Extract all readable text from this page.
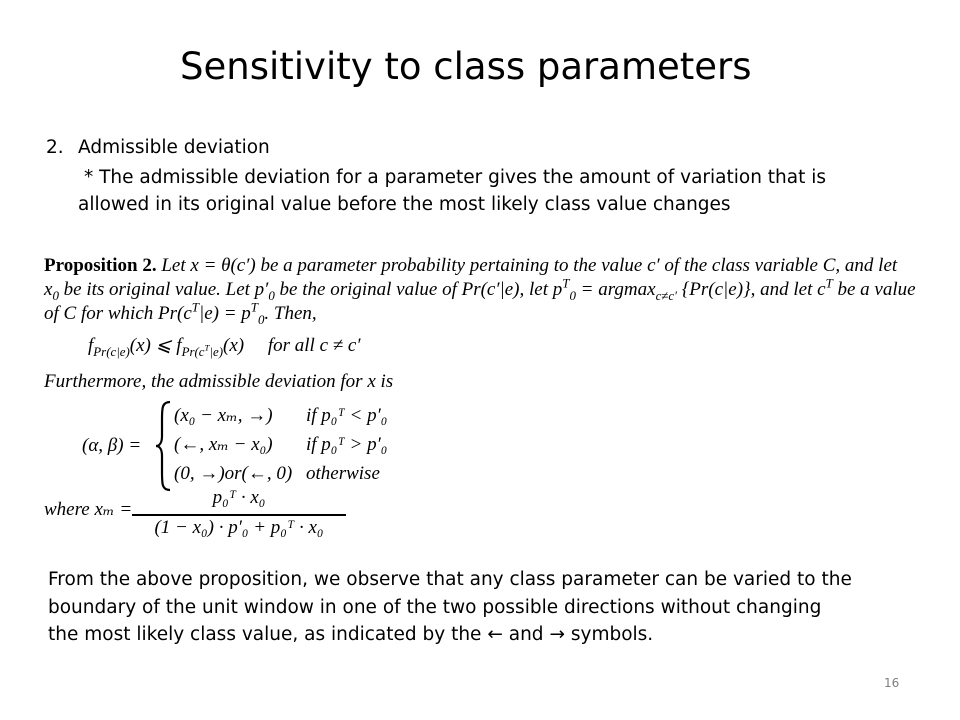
Sensitivity to class parameters
2. Admissible deviation
* The admissible deviation for a parameter gives the amount of variation that is
allowed in its original value before the most likely class value changes
Proposition 2. Let x = θ(c′) be a parameter probability pertaining to the value c′ of the class variable C, and let
$x_0$ be its original value. Let $p'_0$ be the original value of Pr(c′|e), let $p^T_0 = argmax_{c\ne c'}$ {Pr(c|e)}, and let $c^T$ be a value
of C for which $Pr(c^T|e) = p^T_0$. Then,
$f_{Pr(c|e)}(x)$ ⩽ $f_{Pr(c^T|e)}(x)$     for all c ≠ c′
Furthermore, the admissible deviation for x is
(α, β) =
(x₀ − xₘ, →) if p₀ᵀ < p′₀
(←, xₘ − x₀) if p₀ᵀ > p′₀
(0, →)or(←, 0) otherwise
where xₘ =
p₀ᵀ · x₀
(1 − x₀) · p′₀ + p₀ᵀ · x₀
From the above proposition, we observe that any class parameter can be varied to the
boundary of the unit window in one of the two possible directions without changing
the most likely class value, as indicated by the ← and → symbols.
16
